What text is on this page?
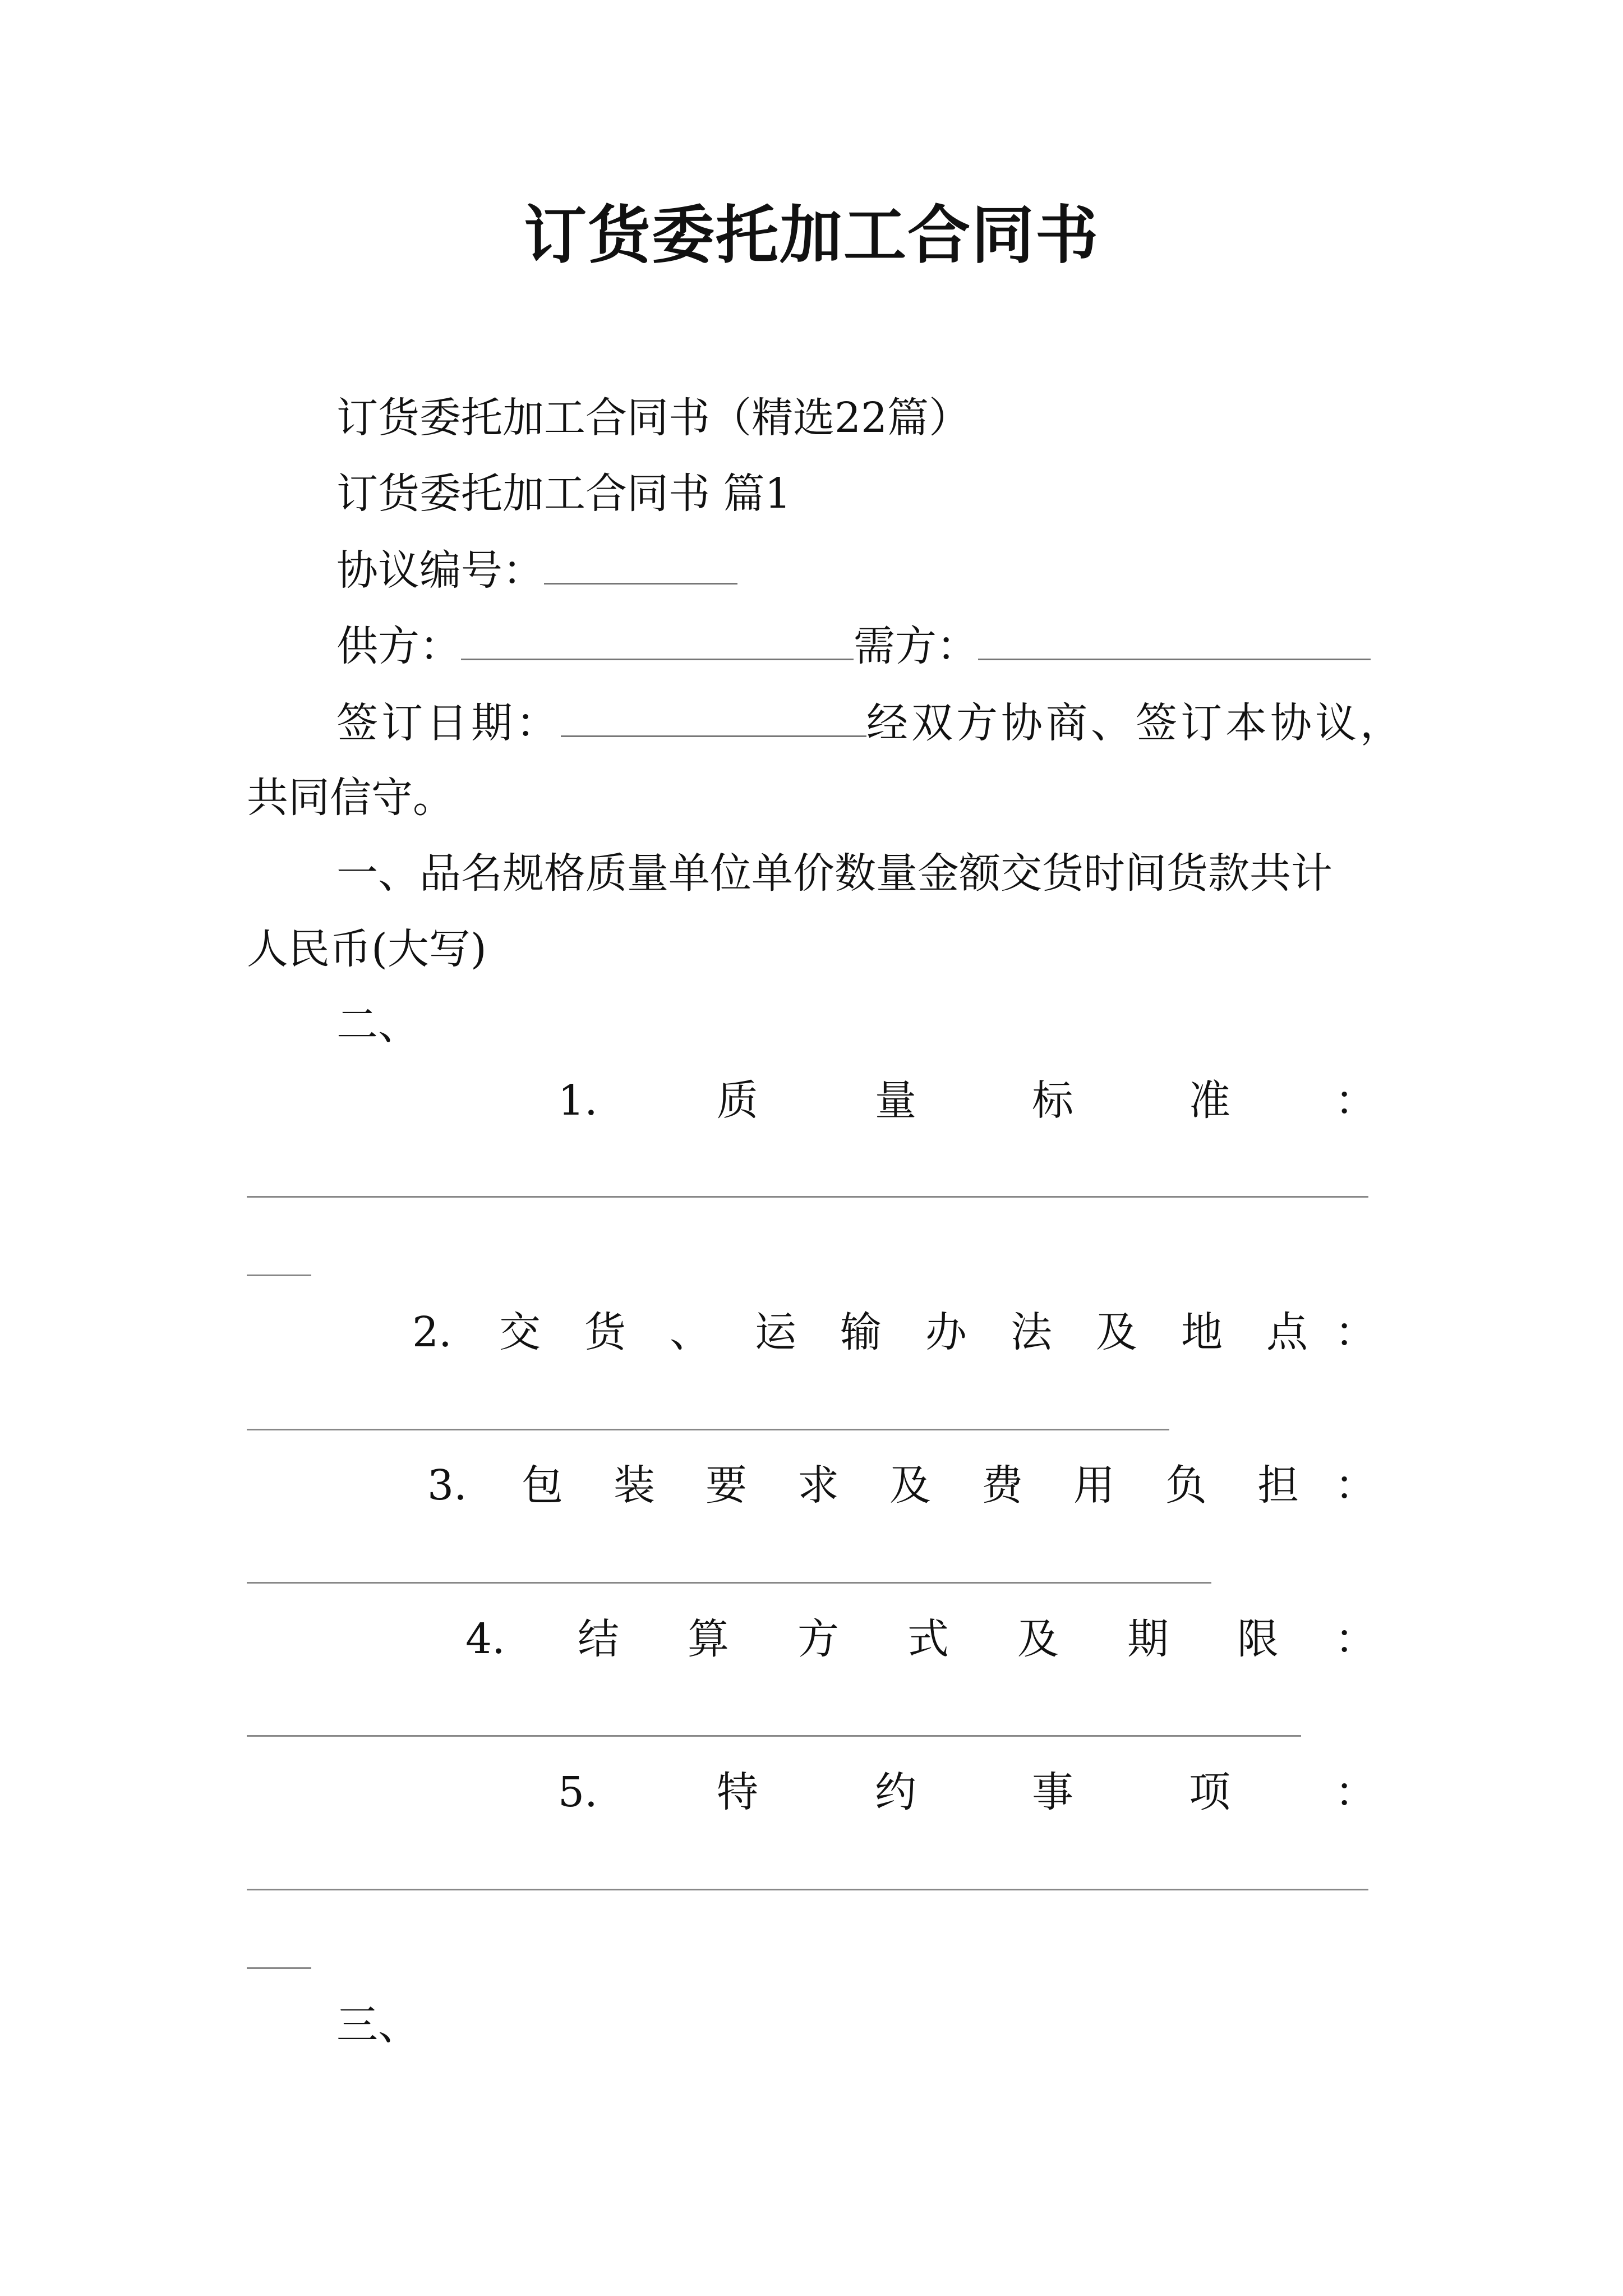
订货委托加工合同书
订货委托加工合同书（精选22篇）
订货委托加工合同书 篇1
协议编号：
供方：	需方：
签订日期：	经双方协商、签订本协议，
共同信守。
一、品名规格质量单位单价数量金额交货时间货款共计
人民币(大写)
二、
1.	质	量	标	准	：
2. 交 货 、 运 输 办 法 及 地 点 ：
3. 包 装 要 求 及 费 用 负 担 ：
4. 结 算 方 式 及 期 限 ：
5.	特	约	事	项	：
三、
